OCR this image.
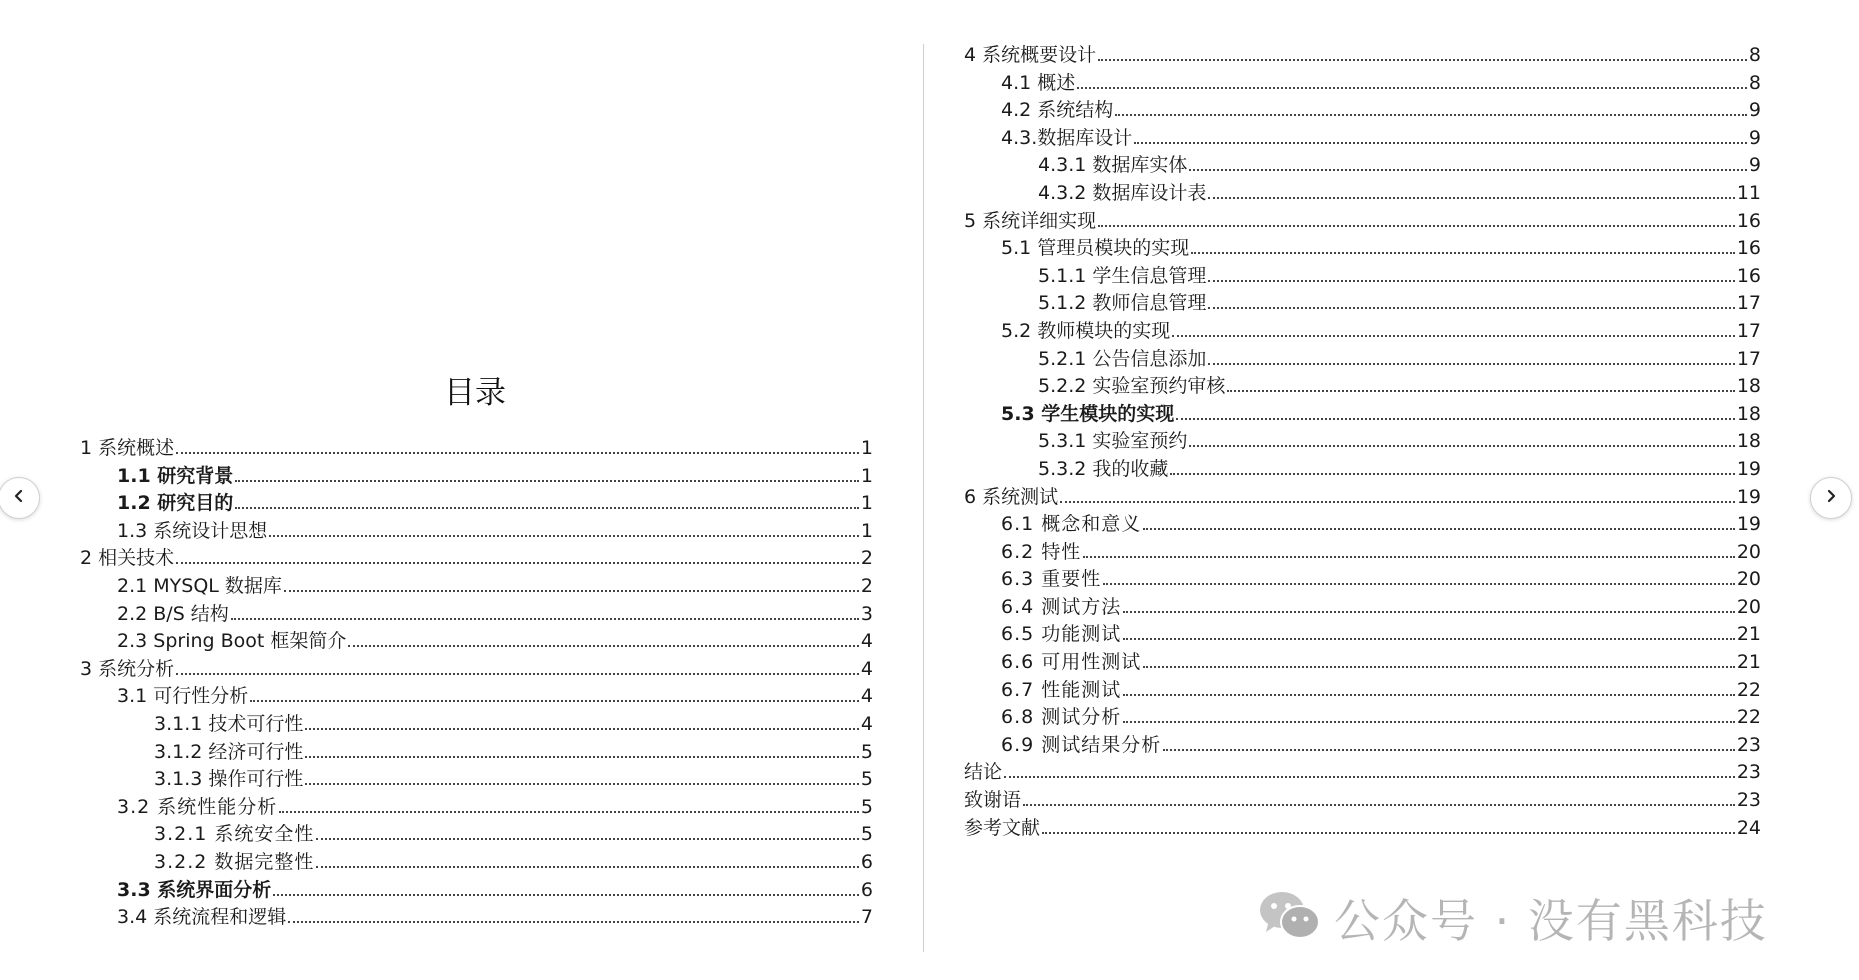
目录
1 系统概述	1
1.1 研究背景	1
1.2 研究目的	1
1.3 系统设计思想	1
2 相关技术	2
2.1 MYSQL 数据库	2
2.2 B/S 结构	3
2.3 Spring Boot 框架简介	4
3 系统分析	4
3.1 可行性分析	4
3.1.1 技术可行性	4
3.1.2 经济可行性	5
3.1.3 操作可行性	5
3.2 系统性能分析	5
3.2.1 系统安全性	5
3.2.2 数据完整性	6
3.3 系统界面分析	6
3.4 系统流程和逻辑	7
4 系统概要设计	8
4.1 概述	8
4.2 系统结构	9
4.3.数据库设计	9
4.3.1 数据库实体	9
4.3.2 数据库设计表	11
5 系统详细实现	16
5.1 管理员模块的实现	16
5.1.1 学生信息管理	16
5.1.2 教师信息管理	17
5.2 教师模块的实现	17
5.2.1 公告信息添加	17
5.2.2 实验室预约审核	18
5.3 学生模块的实现	18
5.3.1 实验室预约	18
5.3.2 我的收藏	19
6 系统测试	19
6.1 概念和意义	19
6.2 特性	20
6.3 重要性	20
6.4 测试方法	20
6.5 功能测试	21
6.6 可用性测试	21
6.7 性能测试	22
6.8 测试分析	22
6.9 测试结果分析	23
结论	23
致谢语	23
参考文献	24
公众号 · 没有黑科技
